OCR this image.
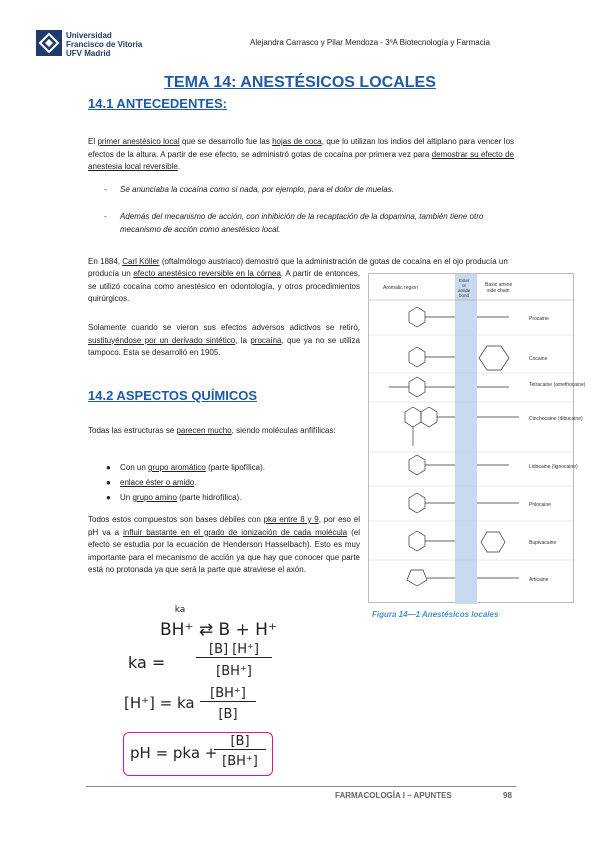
Universidad
Francisco de Vitoria
UFV Madrid
Alejandra Carrasco y Pilar Mendoza - 3ºA Biotecnología y Farmacia
TEMA 14: ANESTÉSICOS LOCALES
14.1 ANTECEDENTES:
El primer anestésico local que se desarrollo fue las hojas de coca, que lo utilizan los indios del altiplano para vencer los efectos de la altura. A partir de ese efecto, se administró gotas de cocaína por primera vez para demostrar su efecto de anestesia local reversible.
-	Se anunciaba la cocaína como si nada, por ejemplo, para el dolor de muelas.
-	Además del mecanismo de acción, con inhibición de la recaptación de la dopamina, también tiene otro mecanismo de acción como anestésico local.
En 1884, Carl Köller (oftalmólogo austriaco) demostró que la administración de gotas de cocaína en el ojo producía un
producía un efecto anestésico reversible en la córnea. A partir de entonces, se utilizó cocaína como anestésico en odontología, y otros procedimientos quirúrgicos.
Solamente cuando se vieron sus efectos adversos adictivos se retiró, sustituyéndose por un derivado sintético, la procaína, que ya no se utiliza tampoco. Esta se desarrolló en 1905.
14.2 ASPECTOS QUÍMICOS
Todas las estructuras se parecen mucho, siendo moléculas anfifílicas:
●	Con un grupo aromático (parte lipofílica).
●	enlace éster o amido.
●	Un grupo amino (parte hidrofílica).
Todos estos compuestos son bases débiles con pka entre 8 y 9, por eso el pH va a influir bastante en el grado de ionización de cada molécula (el efecto se estudia por la ecuación de Henderson Hasselbach). Esto es muy importante para el mecanismo de acción ya que hay que conocer que parte está no protonada ya que será la parte que atraviese el axón.
Aromatic region
Ester
or
amide
bond
Basic amine
side chain
Procaine
Cocaine
Tetracaine (amethocaine)
Cinchocaine (dibucaine)
Lidocaine (lignocaine)
Prilocaine
Bupivacaine
Articaine
Figura 14—1 Anestésicos locales
ka
BH⁺ ⇄ B + H⁺
ka =
[B] [H⁺]
[BH⁺]
[H⁺] = ka
[BH⁺]
[B]
pH = pka +
[B]
[BH⁺]
FARMACOLOGÍA I – APUNTES	98
